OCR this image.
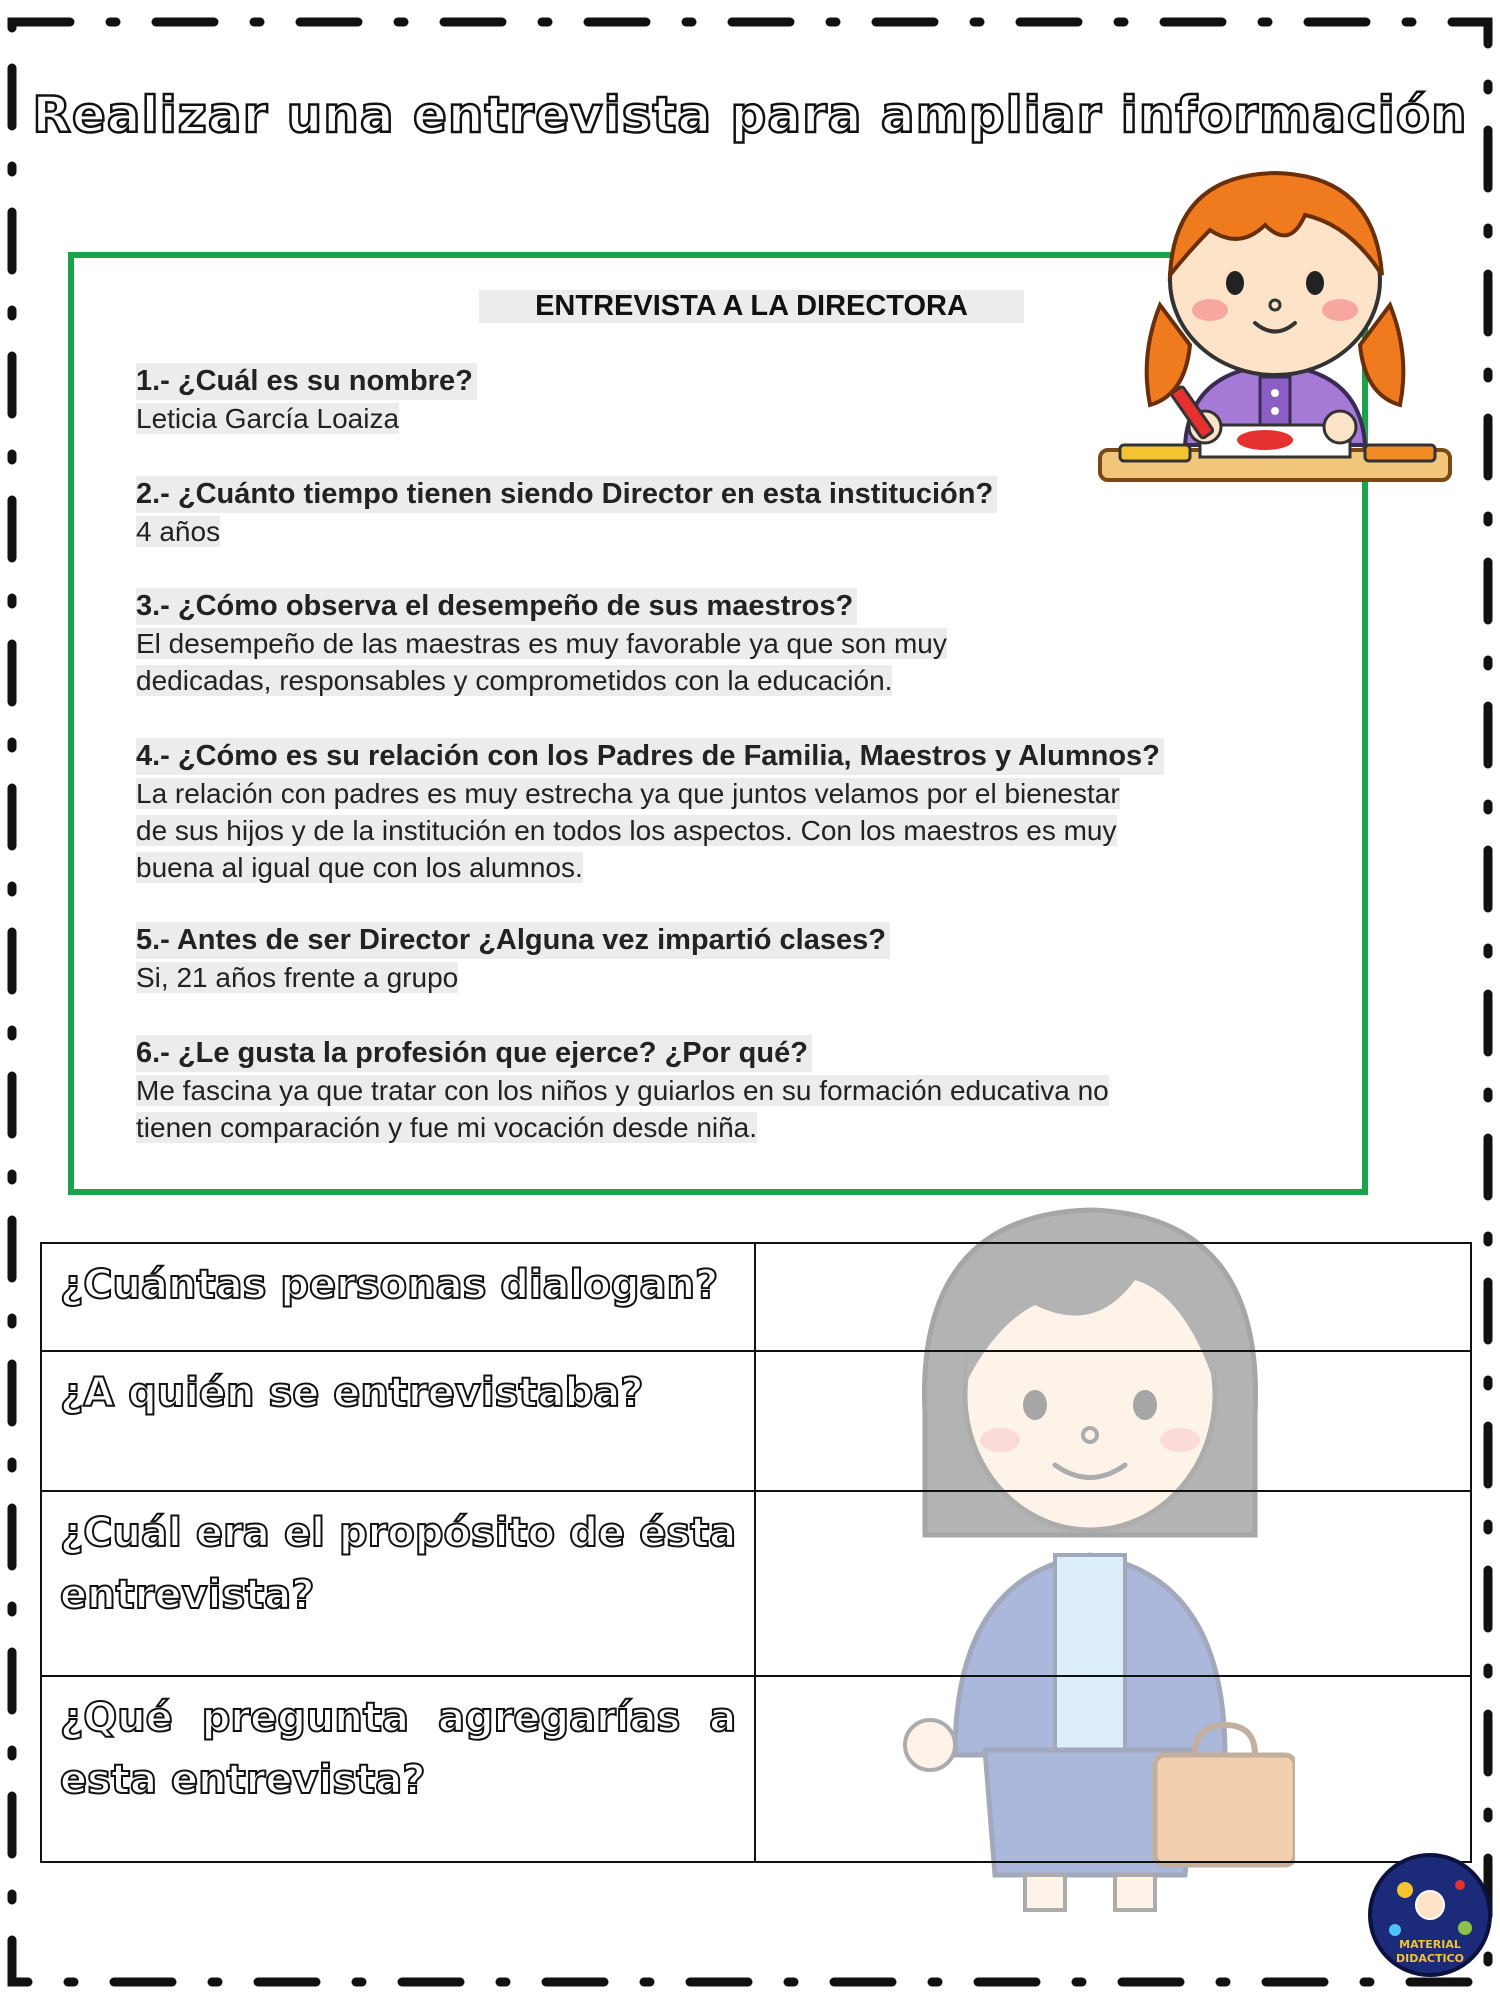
Realizar una entrevista para ampliar información
ENTREVISTA A LA DIRECTORA
1.- ¿Cuál es su nombre?
Leticia García Loaiza
2.- ¿Cuánto tiempo tienen siendo Director en esta institución?
4 años
3.- ¿Cómo observa el desempeño de sus maestros?
El desempeño de las maestras es muy favorable ya que son muy
dedicadas, responsables y comprometidos con la educación.
4.- ¿Cómo es su relación con los Padres de Familia, Maestros y Alumnos?
La relación con padres es muy estrecha ya que juntos velamos por el bienestar
de sus hijos y de la institución en todos los aspectos. Con los maestros es muy
buena al igual que con los alumnos.
5.- Antes de ser Director ¿Alguna vez impartió clases?
Si, 21 años frente a grupo
6.- ¿Le gusta la profesión que ejerce? ¿Por qué?
Me fascina ya que tratar con los niños y guiarlos en su formación educativa no
tienen comparación y fue mi vocación desde niña.
¿Cuántas personas dialogan?	
¿A quién se entrevistaba?	
¿Cuál era el propósito de ésta entrevista?	
¿Qué pregunta agregarías a esta entrevista?	
MATERIAL
DIDACTICO
